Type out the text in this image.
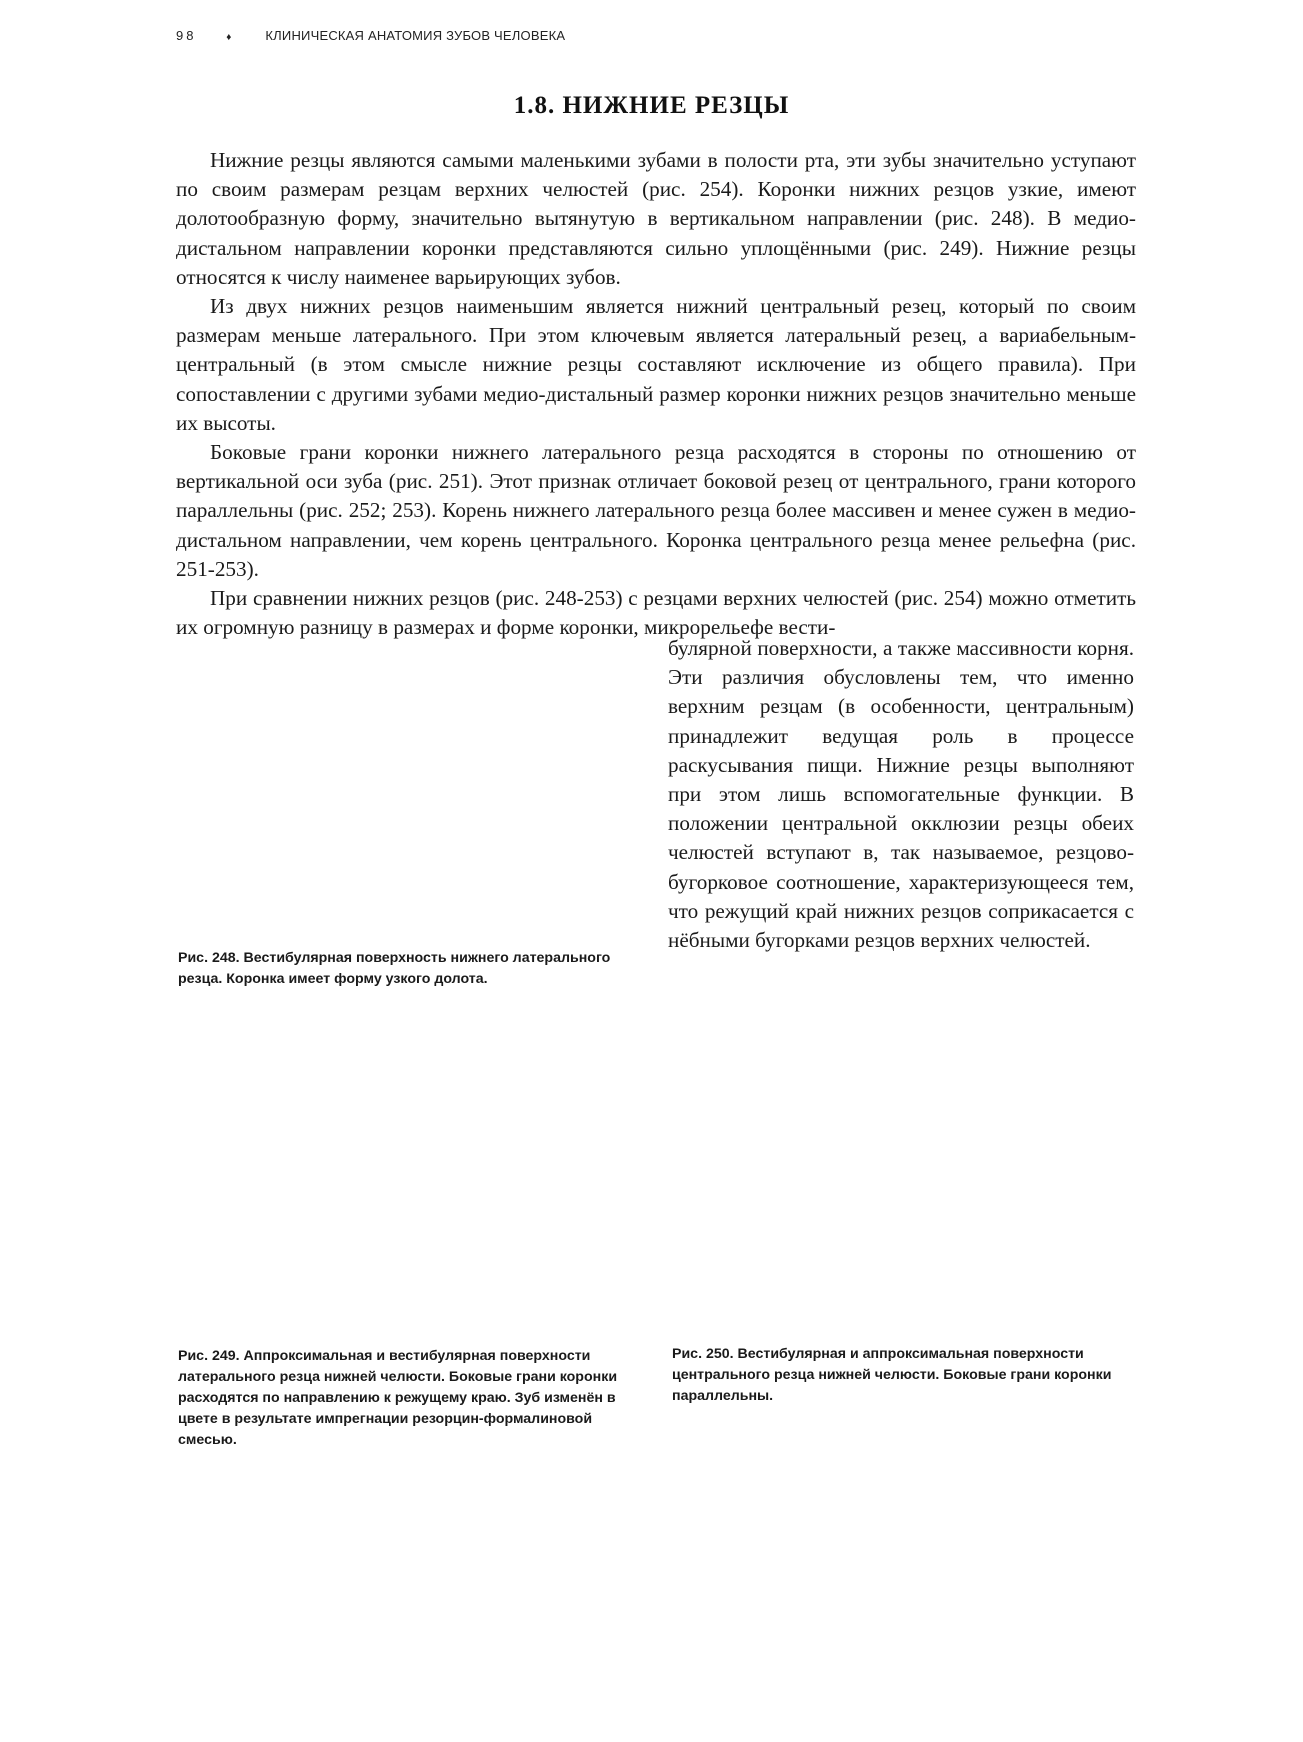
98	♦	КЛИНИЧЕСКАЯ АНАТОМИЯ ЗУБОВ ЧЕЛОВЕКА
1.8. НИЖНИЕ РЕЗЦЫ

Нижние резцы являются самыми маленькими зубами в полости рта, эти зубы значительно уступают по своим размерам резцам верхних челюстей (рис. 254). Коронки нижних резцов узкие, имеют долотообразную форму, значительно вытянутую в вертикальном направлении (рис. 248). В медио-дистальном направлении коронки представляются сильно уплощёнными (рис. 249). Нижние резцы относятся к числу наименее варьирующих зубов.

Из двух нижних резцов наименьшим является нижний центральный резец, который по своим размерам меньше латерального. При этом ключевым является латеральный резец, а вариабельным-центральный (в этом смысле нижние резцы составляют исключение из общего правила). При сопоставлении с другими зубами медио-дистальный размер коронки нижних резцов значительно меньше их высоты.

Боковые грани коронки нижнего латерального резца расходятся в стороны по отношению от вертикальной оси зуба (рис. 251). Этот признак отличает боковой резец от центрального, грани которого параллельны (рис. 252; 253). Корень нижнего латерального резца более массивен и менее сужен в медио-дистальном направлении, чем корень центрального. Коронка центрального резца менее рельефна (рис. 251-253).

При сравнении нижних резцов (рис. 248-253) с резцами верхних челюстей (рис. 254) можно отметить их огромную разницу в размерах и форме коронки, микрорельефе вести-

булярной поверхности, а также массивности корня. Эти различия обусловлены тем, что именно верхним резцам (в особенности, центральным) принадлежит ведущая роль в процессе раскусывания пищи. Нижние резцы выполняют при этом лишь вспомогательные функции. В положении центральной окклюзии резцы обеих челюстей вступают в, так называемое, резцово-бугорковое соотношение, характеризующееся тем, что режущий край нижних резцов соприкасается с нёбными бугорками резцов верхних челюстей.

Рис. 248. Вестибулярная поверхность нижнего латерального резца. Коронка имеет форму узкого долота.
Рис. 249. Аппроксимальная и вестибулярная поверхности латерального резца нижней челюсти. Боковые грани коронки расходятся по направлению к режущему краю. Зуб изменён в цвете в результате импрегнации резорцин-формалиновой смесью.
Рис. 250. Вестибулярная и аппроксимальная поверхности центрального резца нижней челюсти. Боковые грани коронки параллельны.
